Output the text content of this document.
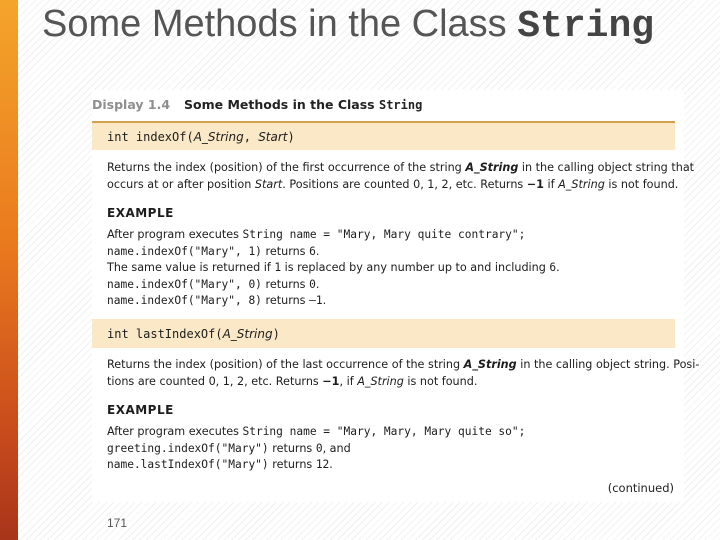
Some Methods in the Class String
Display 1.4 Some Methods in the Class String
int indexOf(A_String, Start)
Returns the index (position) of the first occurrence of the string A_String in the calling object string that
occurs at or after position Start. Positions are counted 0, 1, 2, etc. Returns −1 if A_String is not found.
EXAMPLE
After program executes String name = "Mary, Mary quite contrary";
name.indexOf("Mary", 1) returns 6.
The same value is returned if 1 is replaced by any number up to and including 6.
name.indexOf("Mary", 0) returns 0.
name.indexOf("Mary", 8) returns –1.
int lastIndexOf(A_String)
Returns the index (position) of the last occurrence of the string A_String in the calling object string. Posi-
tions are counted 0, 1, 2, etc. Returns −1, if A_String is not found.
EXAMPLE
After program executes String name = "Mary, Mary, Mary quite so";
greeting.indexOf("Mary") returns 0, and
name.lastIndexOf("Mary") returns 12.
(continued)
171
